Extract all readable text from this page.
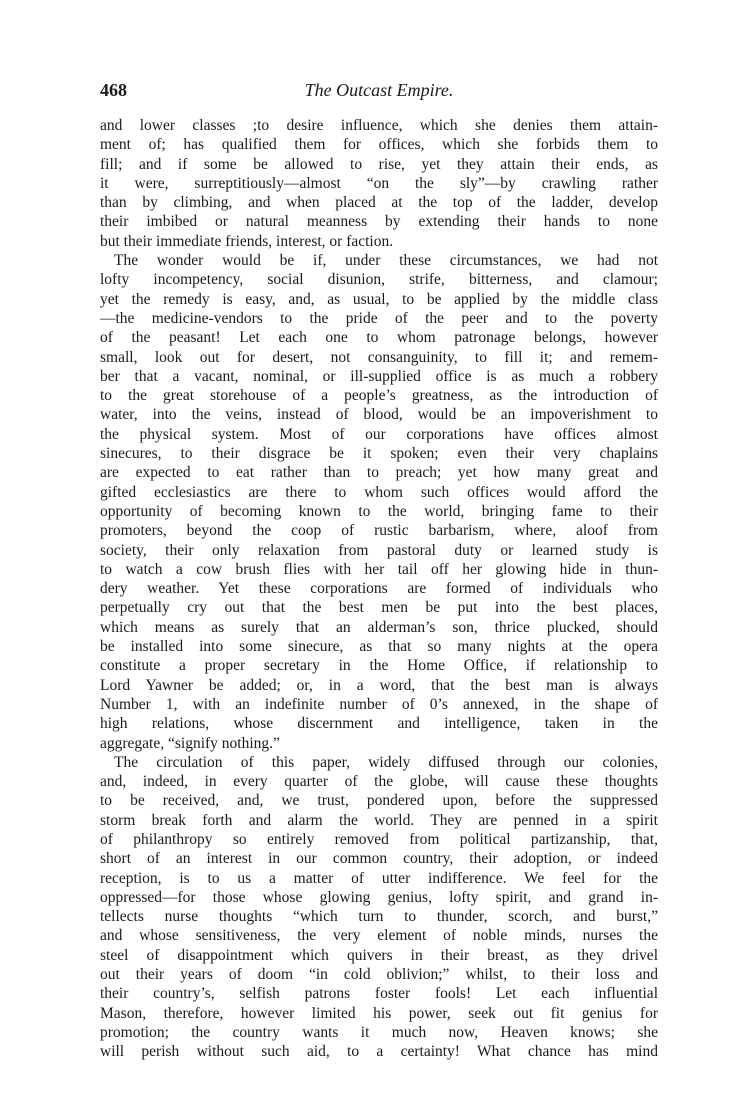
468	The Outcast Empire.
and lower classes ;to desire influence, which she denies them attain-
ment of; has qualified them for offices, which she forbids them to
fill; and if some be allowed to rise, yet they attain their ends, as
it were, surreptitiously—almost “on the sly”—by crawling rather
than by climbing, and when placed at the top of the ladder, develop
their imbibed or natural meanness by extending their hands to none
but their immediate friends, interest, or faction.
The wonder would be if, under these circumstances, we had not
lofty incompetency, social disunion, strife, bitterness, and clamour;
yet the remedy is easy, and, as usual, to be applied by the middle class
—the medicine-vendors to the pride of the peer and to the poverty
of the peasant! Let each one to whom patronage belongs, however
small, look out for desert, not consanguinity, to fill it; and remem-
ber that a vacant, nominal, or ill-supplied office is as much a robbery
to the great storehouse of a people’s greatness, as the introduction of
water, into the veins, instead of blood, would be an impoverishment to
the physical system. Most of our corporations have offices almost
sinecures, to their disgrace be it spoken; even their very chaplains
are expected to eat rather than to preach; yet how many great and
gifted ecclesiastics are there to whom such offices would afford the
opportunity of becoming known to the world, bringing fame to their
promoters, beyond the coop of rustic barbarism, where, aloof from
society, their only relaxation from pastoral duty or learned study is
to watch a cow brush flies with her tail off her glowing hide in thun-
dery weather. Yet these corporations are formed of individuals who
perpetually cry out that the best men be put into the best places,
which means as surely that an alderman’s son, thrice plucked, should
be installed into some sinecure, as that so many nights at the opera
constitute a proper secretary in the Home Office, if relationship to
Lord Yawner be added; or, in a word, that the best man is always
Number 1, with an indefinite number of 0’s annexed, in the shape of
high relations, whose discernment and intelligence, taken in the
aggregate, “signify nothing.”
The circulation of this paper, widely diffused through our colonies,
and, indeed, in every quarter of the globe, will cause these thoughts
to be received, and, we trust, pondered upon, before the suppressed
storm break forth and alarm the world. They are penned in a spirit
of philanthropy so entirely removed from political partizanship, that,
short of an interest in our common country, their adoption, or indeed
reception, is to us a matter of utter indifference. We feel for the
oppressed—for those whose glowing genius, lofty spirit, and grand in-
tellects nurse thoughts “which turn to thunder, scorch, and burst,”
and whose sensitiveness, the very element of noble minds, nurses the
steel of disappointment which quivers in their breast, as they drivel
out their years of doom “in cold oblivion;” whilst, to their loss and
their country’s, selfish patrons foster fools! Let each influential
Mason, therefore, however limited his power, seek out fit genius for
promotion; the country wants it much now, Heaven knows; she
will perish without such aid, to a certainty! What chance has mind
